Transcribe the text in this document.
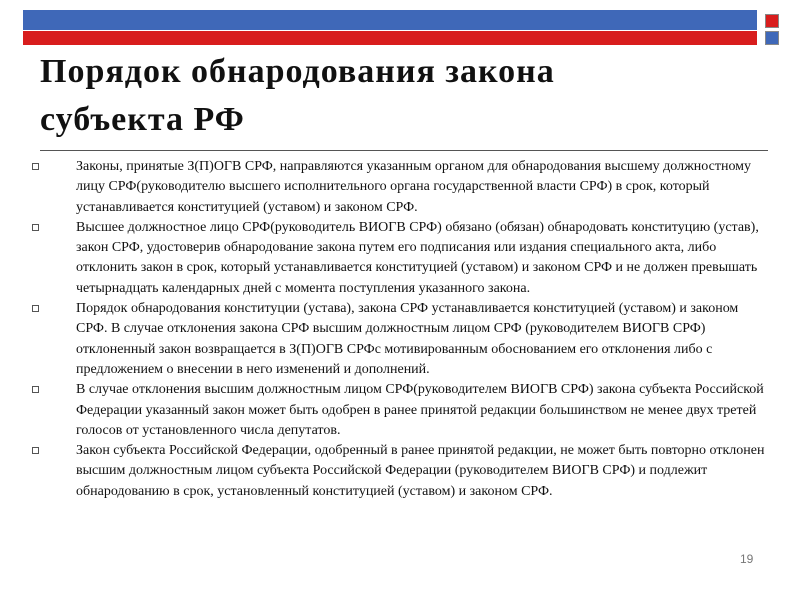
Порядок обнародования закона
субъекта РФ
Законы, принятые З(П)ОГВ СРФ, направляются указанным органом для обнародования высшему должностному лицу СРФ(руководителю высшего исполнительного органа государственной власти СРФ) в срок, который устанавливается конституцией (уставом) и законом СРФ.
Высшее должностное лицо СРФ(руководитель ВИОГВ СРФ) обязано (обязан) обнародовать конституцию (устав), закон СРФ, удостоверив обнародование закона путем его подписания или издания специального акта, либо отклонить закон в срок, который устанавливается конституцией (уставом) и законом СРФ и не должен превышать четырнадцать календарных дней с момента поступления указанного закона.
Порядок обнародования конституции (устава), закона СРФ устанавливается конституцией (уставом) и законом СРФ. В случае отклонения закона СРФ высшим должностным лицом СРФ (руководителем ВИОГВ СРФ) отклоненный закон возвращается в З(П)ОГВ СРФс мотивированным обоснованием его отклонения либо с предложением о внесении в него изменений и дополнений.
В случае отклонения высшим должностным лицом СРФ(руководителем ВИОГВ СРФ) закона субъекта Российской Федерации указанный закон может быть одобрен в ранее принятой редакции большинством не менее двух третей голосов от установленного числа депутатов.
Закон субъекта Российской Федерации, одобренный в ранее принятой редакции, не может быть повторно отклонен высшим должностным лицом субъекта Российской Федерации (руководителем ВИОГВ СРФ) и подлежит обнародованию в срок, установленный конституцией (уставом) и законом СРФ.
19
